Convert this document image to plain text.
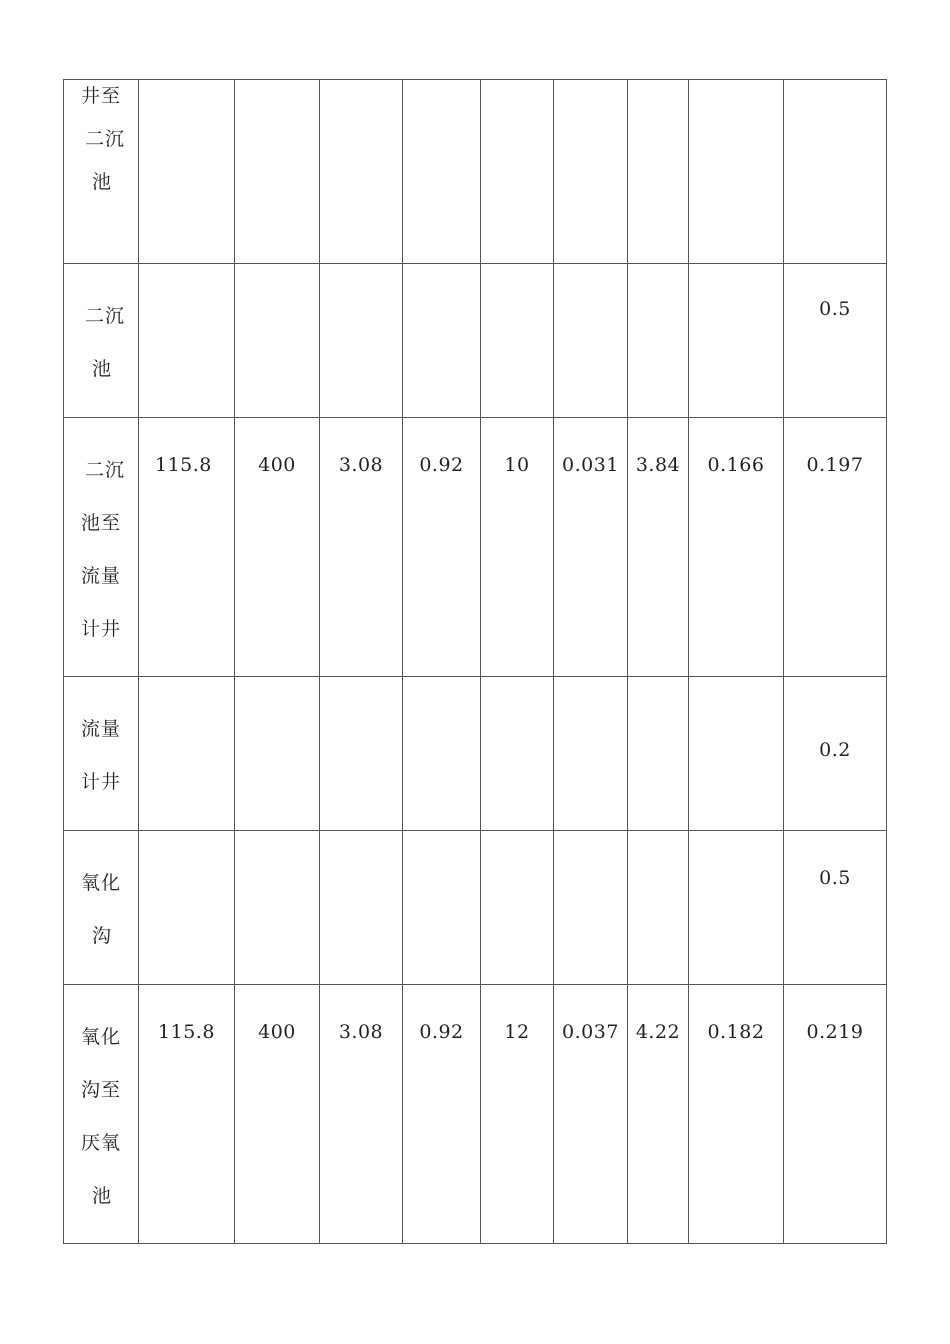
井至
二沉
池									

二沉
池									0.5

二沉
池至
流量
计井	115.8	400	3.08	0.92	10	0.031	3.84	0.166	0.197

流量
计井									0.2

氧化
沟									0.5

氧化
沟至
厌氧
池	115.8	400	3.08	0.92	12	0.037	4.22	0.182	0.219
